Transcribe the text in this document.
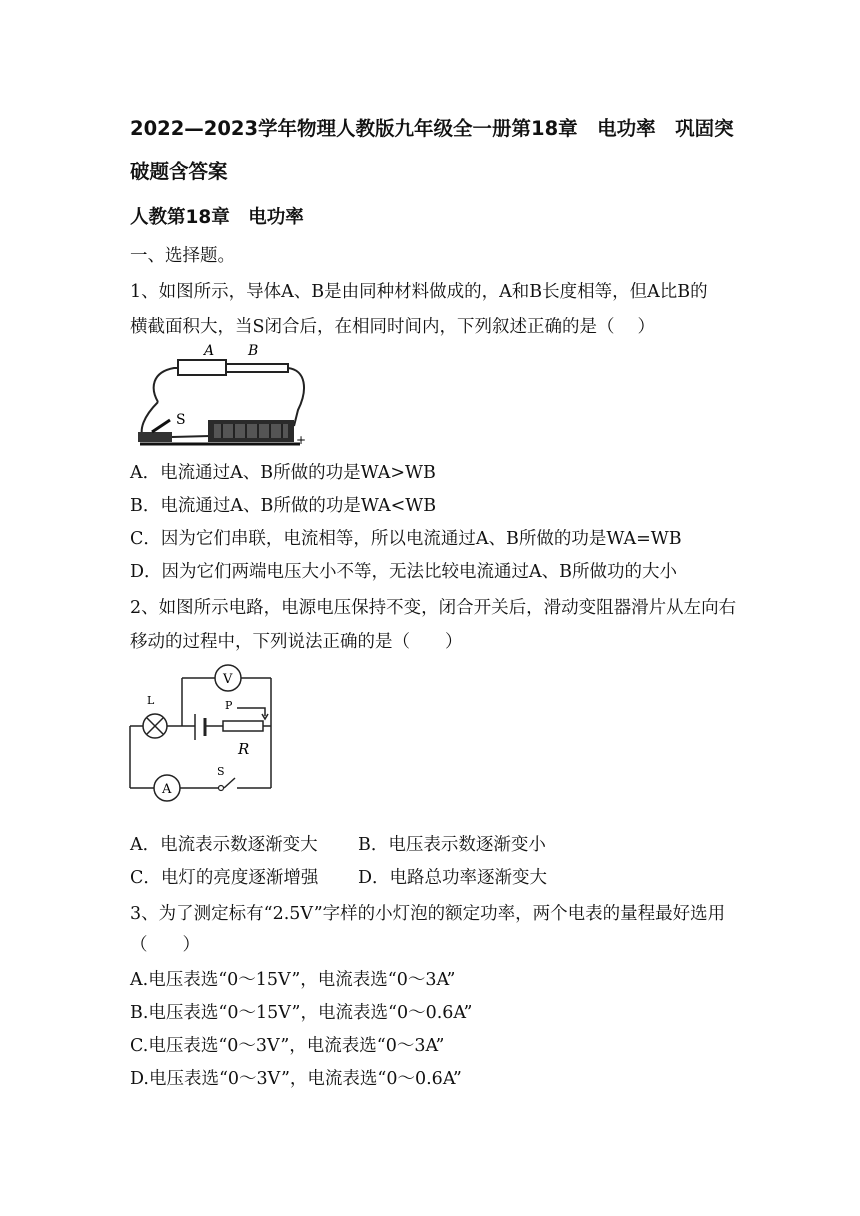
2022—2023学年物理人教版九年级全一册第18章　电功率　巩固突
破题含答案
人教第18章　电功率
一、选择题。
1、如图所示，导体A、B是由同种材料做成的，A和B长度相等，但A比B的
横截面积大，当S闭合后，在相同时间内，下列叙述正确的是（　 ）
A B
S
+
A．电流通过A、B所做的功是WA>WB
B．电流通过A、B所做的功是WA<WB
C．因为它们串联，电流相等，所以电流通过A、B所做的功是WA=WB
D．因为它们两端电压大小不等，无法比较电流通过A、B所做功的大小
2、如图所示电路，电源电压保持不变，闭合开关后，滑动变阻器滑片从左向右
移动的过程中，下列说法正确的是（　　）
V
A
L	P
R
S
A．电流表示数逐渐变大 B．电压表示数逐渐变小
C．电灯的亮度逐渐增强 D．电路总功率逐渐变大
3、为了测定标有“2.5V”字样的小灯泡的额定功率，两个电表的量程最好选用
（　　）
A.电压表选“0～15V”，电流表选“0～3A”
B.电压表选“0～15V”，电流表选“0～0.6A”
C.电压表选“0～3V”，电流表选“0～3A”
D.电压表选“0～3V”，电流表选“0～0.6A”
